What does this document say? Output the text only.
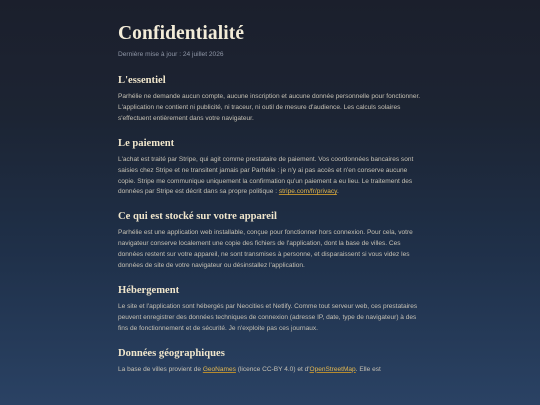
Confidentialité
Dernière mise à jour : 24 juillet 2026
L'essentiel

Parhélie ne demande aucun compte, aucune inscription et aucune donnée personnelle pour fonctionner. L'application ne contient ni publicité, ni traceur, ni outil de mesure d'audience. Les calculs solaires s'effectuent entièrement dans votre navigateur.

Le paiement

L'achat est traité par Stripe, qui agit comme prestataire de paiement. Vos coordonnées bancaires sont saisies chez Stripe et ne transitent jamais par Parhélie : je n'y ai pas accès et n'en conserve aucune copie. Stripe me communique uniquement la confirmation qu'un paiement a eu lieu. Le traitement des données par Stripe est décrit dans sa propre politique : stripe.com/fr/privacy.

Ce qui est stocké sur votre appareil

Parhélie est une application web installable, conçue pour fonctionner hors connexion. Pour cela, votre navigateur conserve localement une copie des fichiers de l'application, dont la base de villes. Ces données restent sur votre appareil, ne sont transmises à personne, et disparaissent si vous videz les données de site de votre navigateur ou désinstallez l'application.

Hébergement

Le site et l'application sont hébergés par Neocities et Netlify. Comme tout serveur web, ces prestataires peuvent enregistrer des données techniques de connexion (adresse IP, date, type de navigateur) à des fins de fonctionnement et de sécurité. Je n'exploite pas ces journaux.

Données géographiques

La base de villes provient de GeoNames (licence CC-BY 4.0) et d'OpenStreetMap. Elle est
